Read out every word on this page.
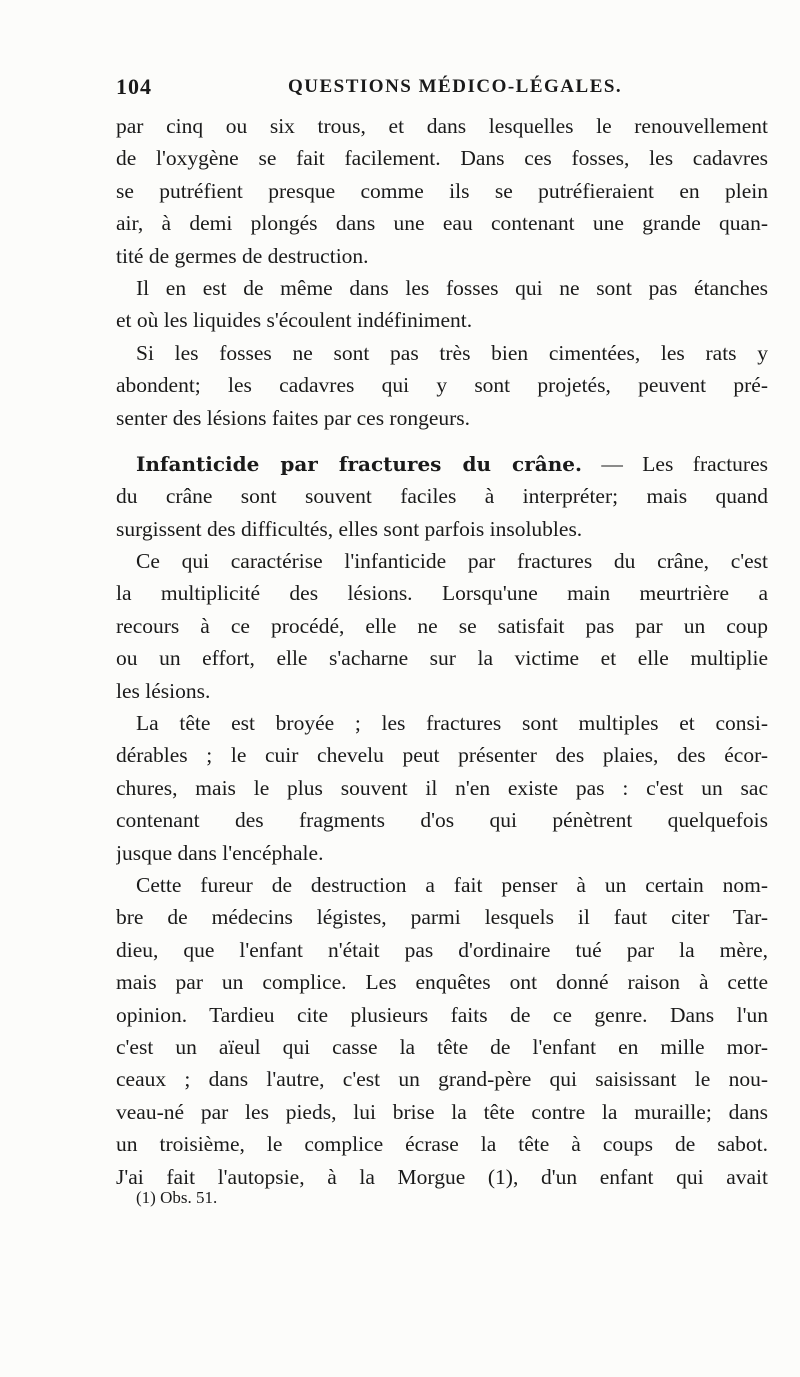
104	QUESTIONS MÉDICO-LÉGALES.
par cinq ou six trous, et dans lesquelles le renouvellement
de l'oxygène se fait facilement. Dans ces fosses, les cadavres
se putréfient presque comme ils se putréfieraient en plein
air, à demi plongés dans une eau contenant une grande quan-
tité de germes de destruction.
Il en est de même dans les fosses qui ne sont pas étanches
et où les liquides s'écoulent indéfiniment.
Si les fosses ne sont pas très bien cimentées, les rats y
abondent; les cadavres qui y sont projetés, peuvent pré-
senter des lésions faites par ces rongeurs.
Infanticide par fractures du crâne. — Les fractures
du crâne sont souvent faciles à interpréter; mais quand
surgissent des difficultés, elles sont parfois insolubles.
Ce qui caractérise l'infanticide par fractures du crâne, c'est
la multiplicité des lésions. Lorsqu'une main meurtrière a
recours à ce procédé, elle ne se satisfait pas par un coup
ou un effort, elle s'acharne sur la victime et elle multiplie
les lésions.
La tête est broyée ; les fractures sont multiples et consi-
dérables ; le cuir chevelu peut présenter des plaies, des écor-
chures, mais le plus souvent il n'en existe pas : c'est un sac
contenant des fragments d'os qui pénètrent quelquefois
jusque dans l'encéphale.
Cette fureur de destruction a fait penser à un certain nom-
bre de médecins légistes, parmi lesquels il faut citer Tar-
dieu, que l'enfant n'était pas d'ordinaire tué par la mère,
mais par un complice. Les enquêtes ont donné raison à cette
opinion. Tardieu cite plusieurs faits de ce genre. Dans l'un
c'est un aïeul qui casse la tête de l'enfant en mille mor-
ceaux ; dans l'autre, c'est un grand-père qui saisissant le nou-
veau-né par les pieds, lui brise la tête contre la muraille; dans
un troisième, le complice écrase la tête à coups de sabot.
J'ai fait l'autopsie, à la Morgue (1), d'un enfant qui avait
(1) Obs. 51.
